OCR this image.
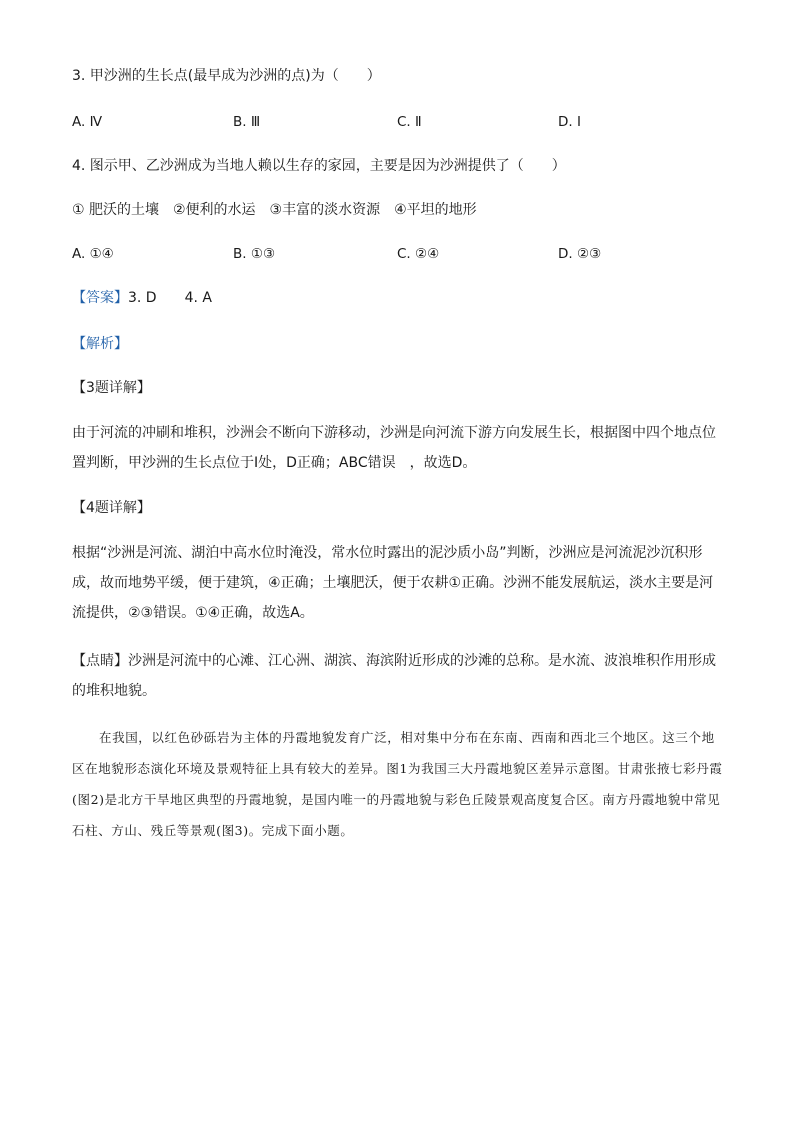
3. 甲沙洲的生长点(最早成为沙洲的点)为（　　）
A. Ⅳ	B. Ⅲ	C. Ⅱ	D. Ⅰ
4. 图示甲、乙沙洲成为当地人赖以生存的家园，主要是因为沙洲提供了（　　）
① 肥沃的土壤　②便利的水运　③丰富的淡水资源　④平坦的地形
A. ①④	B. ①③	C. ②④	D. ②③
【答案】3. D　　4. A
【解析】
【3题详解】
由于河流的冲刷和堆积，沙洲会不断向下游移动，沙洲是向河流下游方向发展生长，根据图中四个地点位置判断，甲沙洲的生长点位于Ⅰ处，D正确；ABC错误　，故选D。
【4题详解】
根据“沙洲是河流、湖泊中高水位时淹没，常水位时露出的泥沙质小岛”判断，沙洲应是河流泥沙沉积形成，故而地势平缓，便于建筑，④正确；土壤肥沃，便于农耕①正确。沙洲不能发展航运，淡水主要是河流提供，②③错误。①④正确，故选A。
【点睛】沙洲是河流中的心滩、江心洲、湖滨、海滨附近形成的沙滩的总称。是水流、波浪堆积作用形成的堆积地貌。
在我国，以红色砂砾岩为主体的丹霞地貌发育广泛，相对集中分布在东南、西南和西北三个地区。这三个地区在地貌形态演化环境及景观特征上具有较大的差异。图1为我国三大丹霞地貌区差异示意图。甘肃张掖七彩丹霞(图2)是北方干旱地区典型的丹霞地貌，是国内唯一的丹霞地貌与彩色丘陵景观高度复合区。南方丹霞地貌中常见石柱、方山、残丘等景观(图3)。完成下面小题。
